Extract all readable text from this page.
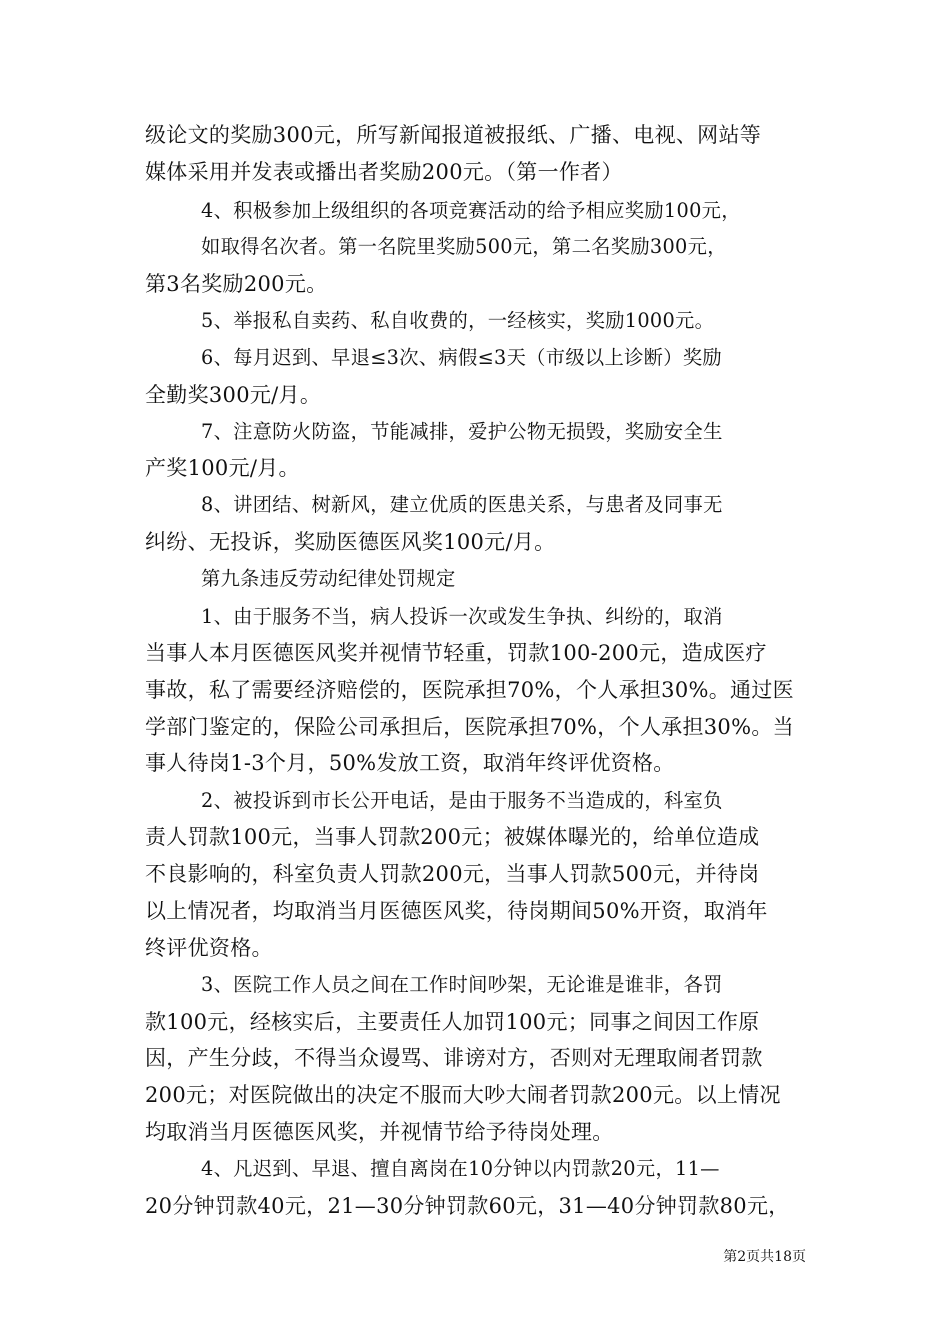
级论文的奖励300元，所写新闻报道被报纸、广播、电视、网站等
媒体采用并发表或播出者奖励200元。（第一作者）
4、积极参加上级组织的各项竞赛活动的给予相应奖励100元，
如取得名次者。第一名院里奖励500元，第二名奖励300元，
第3名奖励200元。
5、举报私自卖药、私自收费的，一经核实，奖励1000元。
6、每月迟到、早退≤3次、病假≤3天（市级以上诊断）奖励
全勤奖300元/月。
7、注意防火防盗，节能减排，爱护公物无损毁，奖励安全生
产奖100元/月。
8、讲团结、树新风，建立优质的医患关系，与患者及同事无
纠纷、无投诉，奖励医德医风奖100元/月。
第九条违反劳动纪律处罚规定
1、由于服务不当，病人投诉一次或发生争执、纠纷的，取消
当事人本月医德医风奖并视情节轻重，罚款100-200元，造成医疗
事故，私了需要经济赔偿的，医院承担70%，个人承担30%。通过医
学部门鉴定的，保险公司承担后，医院承担70%，个人承担30%。当
事人待岗1-3个月，50%发放工资，取消年终评优资格。
2、被投诉到市长公开电话，是由于服务不当造成的，科室负
责人罚款100元，当事人罚款200元；被媒体曝光的，给单位造成
不良影响的，科室负责人罚款200元，当事人罚款500元，并待岗
以上情况者，均取消当月医德医风奖，待岗期间50%开资，取消年
终评优资格。
3、医院工作人员之间在工作时间吵架，无论谁是谁非，各罚
款100元，经核实后，主要责任人加罚100元；同事之间因工作原
因，产生分歧，不得当众谩骂、诽谤对方，否则对无理取闹者罚款
200元；对医院做出的决定不服而大吵大闹者罚款200元。以上情况
均取消当月医德医风奖，并视情节给予待岗处理。
4、凡迟到、早退、擅自离岗在10分钟以内罚款20元，11—
20分钟罚款40元，21—30分钟罚款60元，31—40分钟罚款80元，
第2页共18页
